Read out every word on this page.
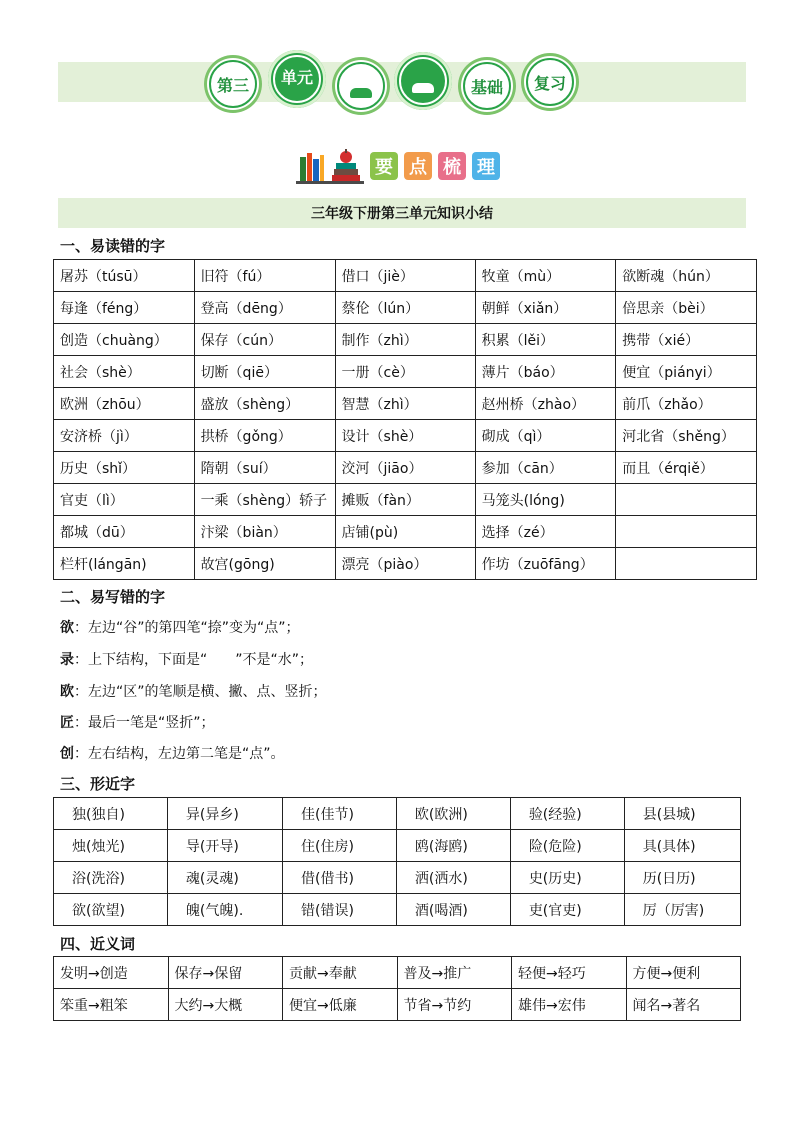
第三 单元
基础 复习
要 点 梳 理
三年级下册第三单元知识小结
一、易读错的字
屠苏（túsū）	旧符（fú）	借口（jiè）	牧童（mù）	欲断魂（hún）
每逢（féng）	登高（dēng）	蔡伦（lún）	朝鲜（xiǎn）	倍思亲（bèi）
创造（chuàng）	保存（cún）	制作（zhì）	积累（lěi）	携带（xié）
社会（shè）	切断（qiē）	一册（cè）	薄片（báo）	便宜（piányi）
欧洲（zhōu）	盛放（shèng）	智慧（zhì）	赵州桥（zhào）	前爪（zhǎo）
安济桥（jì）	拱桥（gǒng）	设计（shè）	砌成（qì）	河北省（shěng）
历史（shǐ）	隋朝（suí）	洨河（jiāo）	参加（cān）	而且（érqiě）
官吏（lì）	一乘（shèng）轿子	摊贩（fàn）	马笼头(lóng)	
都城（dū）	汴梁（biàn）	店铺(pù)	选择（zé）	
栏杆(lángān)	故宫(gōng)	漂亮（piào）	作坊（zuōfāng）	
二、易写错的字
欲：左边“谷”的第四笔“捺”变为“点”；
录：上下结构，下面是“　　”不是“水”；
欧：左边“区”的笔顺是横、撇、点、竖折；
匠：最后一笔是“竖折”；
创：左右结构，左边第二笔是“点”。
三、形近字
独(独自)	异(异乡)	佳(佳节)	欧(欧洲)	验(经验)	县(县城)
烛(烛光)	导(开导)	住(住房)	鸥(海鸥)	险(危险)	具(具体)
浴(洗浴)	魂(灵魂)	借(借书)	洒(洒水)	史(历史)	历(日历)
欲(欲望)	魄(气魄).	错(错误)	酒(喝酒)	吏(官吏)	厉（厉害)
四、近义词
发明→创造	保存→保留	贡献→奉献	普及→推广	轻便→轻巧	方便→便利
笨重→粗笨	大约→大概	便宜→低廉	节省→节约	雄伟→宏伟	闻名→著名
